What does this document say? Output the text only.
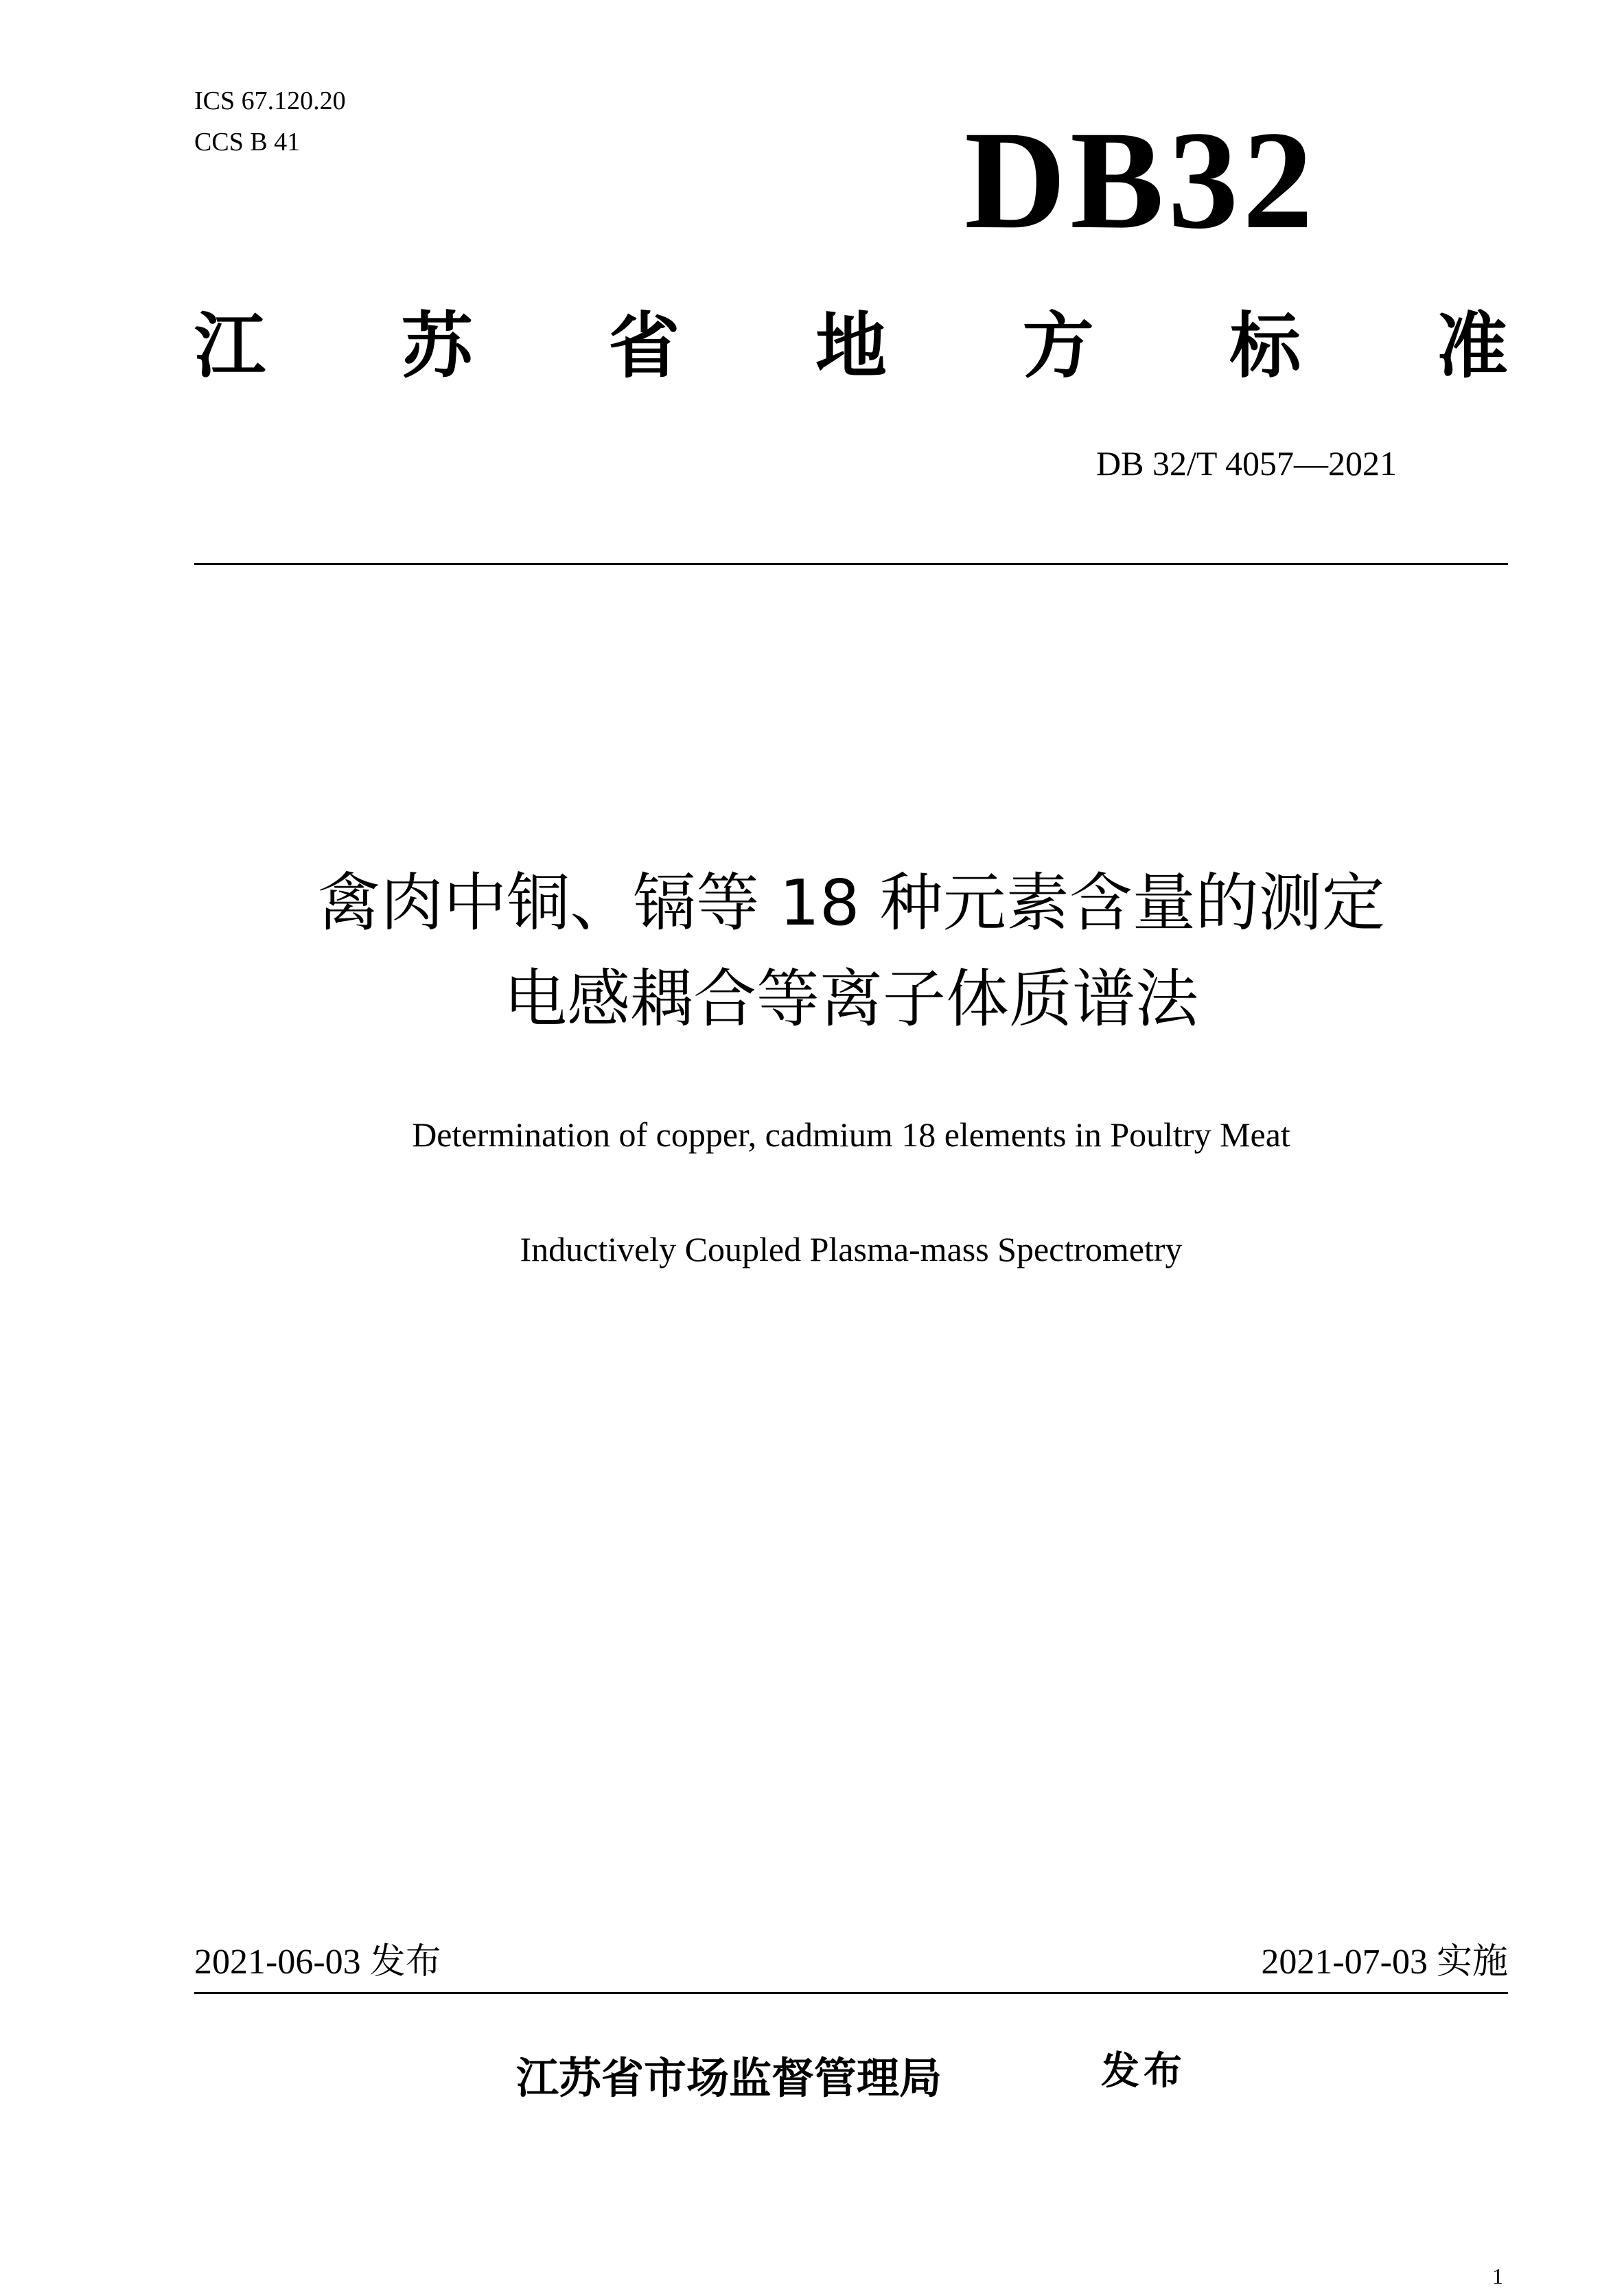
ICS 67.120.20
CCS B 41	DB32
江 苏 省 地 方 标 准
DB 32/T 4057—2021
禽肉中铜、镉等 18 种元素含量的测定
电感耦合等离子体质谱法
Determination of copper, cadmium 18 elements in Poultry Meat
Inductively Coupled Plasma-mass Spectrometry
2021-06-03 发布	2021-07-03 实施
江苏省市场监督管理局	发布
1
